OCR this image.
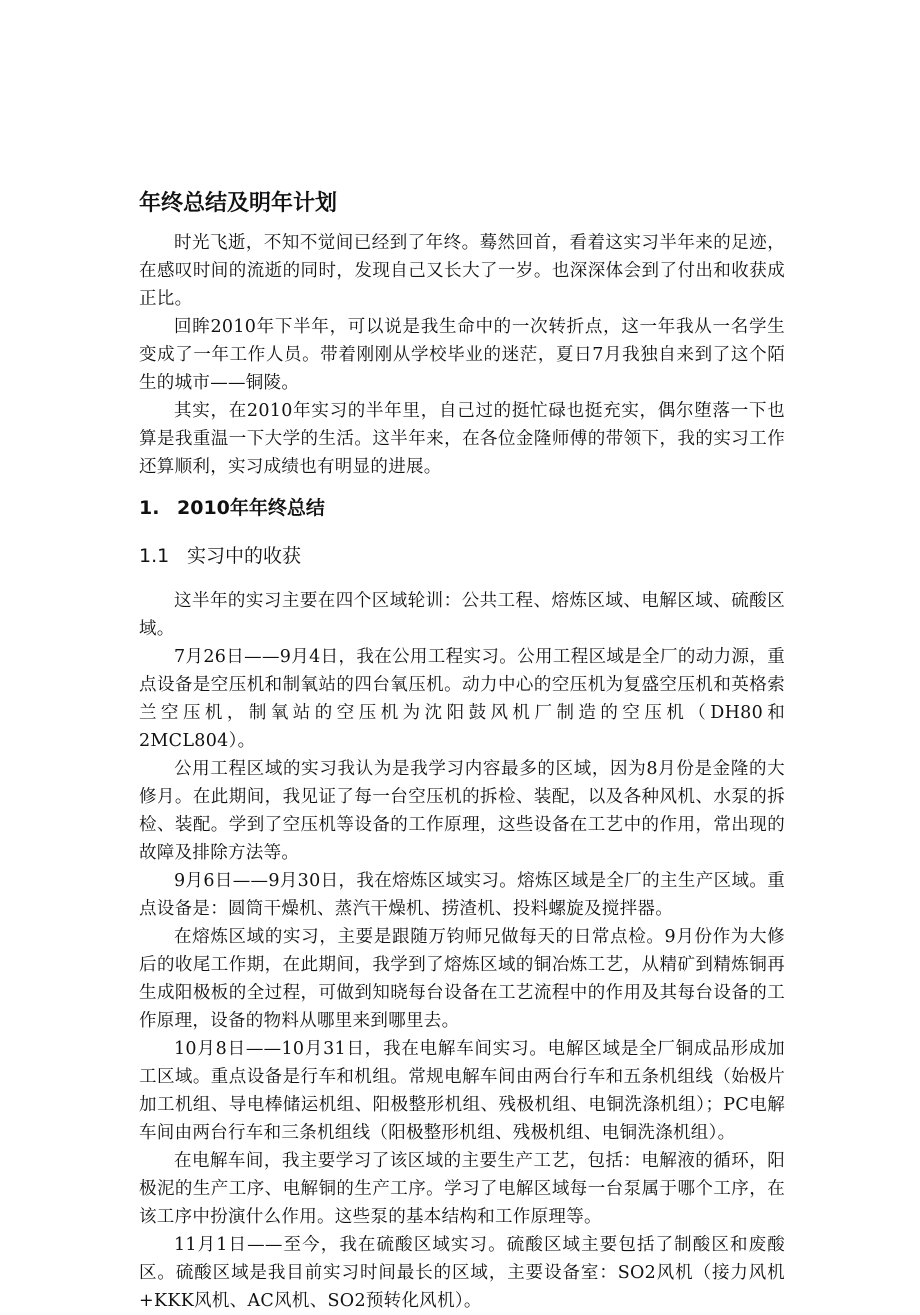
年终总结及明年计划

时光飞逝，不知不觉间已经到了年终。蓦然回首，看着这实习半年来的足迹，在感叹时间的流逝的同时，发现自己又长大了一岁。也深深体会到了付出和收获成正比。

回眸2010年下半年，可以说是我生命中的一次转折点，这一年我从一名学生变成了一年工作人员。带着刚刚从学校毕业的迷茫，夏日7月我独自来到了这个陌生的城市——铜陵。

其实，在2010年实习的半年里，自己过的挺忙碌也挺充实，偶尔堕落一下也算是我重温一下大学的生活。这半年来，在各位金隆师傅的带领下，我的实习工作还算顺利，实习成绩也有明显的进展。

1. 2010年年终总结
1.1 实习中的收获

这半年的实习主要在四个区域轮训：公共工程、熔炼区域、电解区域、硫酸区域。

7月26日——9月4日，我在公用工程实习。公用工程区域是全厂的动力源，重点设备是空压机和制氧站的四台氧压机。动力中心的空压机为复盛空压机和英格索兰空压机，制氧站的空压机为沈阳鼓风机厂制造的空压机（DH80和2MCL804）。

公用工程区域的实习我认为是我学习内容最多的区域，因为8月份是金隆的大修月。在此期间，我见证了每一台空压机的拆检、装配，以及各种风机、水泵的拆检、装配。学到了空压机等设备的工作原理，这些设备在工艺中的作用，常出现的故障及排除方法等。

9月6日——9月30日，我在熔炼区域实习。熔炼区域是全厂的主生产区域。重点设备是：圆筒干燥机、蒸汽干燥机、捞渣机、投料螺旋及搅拌器。

在熔炼区域的实习，主要是跟随万钧师兄做每天的日常点检。9月份作为大修后的收尾工作期，在此期间，我学到了熔炼区域的铜冶炼工艺，从精矿到精炼铜再生成阳极板的全过程，可做到知晓每台设备在工艺流程中的作用及其每台设备的工作原理，设备的物料从哪里来到哪里去。

10月8日——10月31日，我在电解车间实习。电解区域是全厂铜成品形成加工区域。重点设备是行车和机组。常规电解车间由两台行车和五条机组线（始极片加工机组、导电棒储运机组、阳极整形机组、残极机组、电铜洗涤机组）；PC电解车间由两台行车和三条机组线（阳极整形机组、残极机组、电铜洗涤机组）。

在电解车间，我主要学习了该区域的主要生产工艺，包括：电解液的循环，阳极泥的生产工序、电解铜的生产工序。学习了电解区域每一台泵属于哪个工序，在该工序中扮演什么作用。这些泵的基本结构和工作原理等。

11月1日——至今，我在硫酸区域实习。硫酸区域主要包括了制酸区和废酸区。硫酸区域是我目前实习时间最长的区域，主要设备室：SO2风机（接力风机+KKK风机、AC风机、SO2预转化风机）。
